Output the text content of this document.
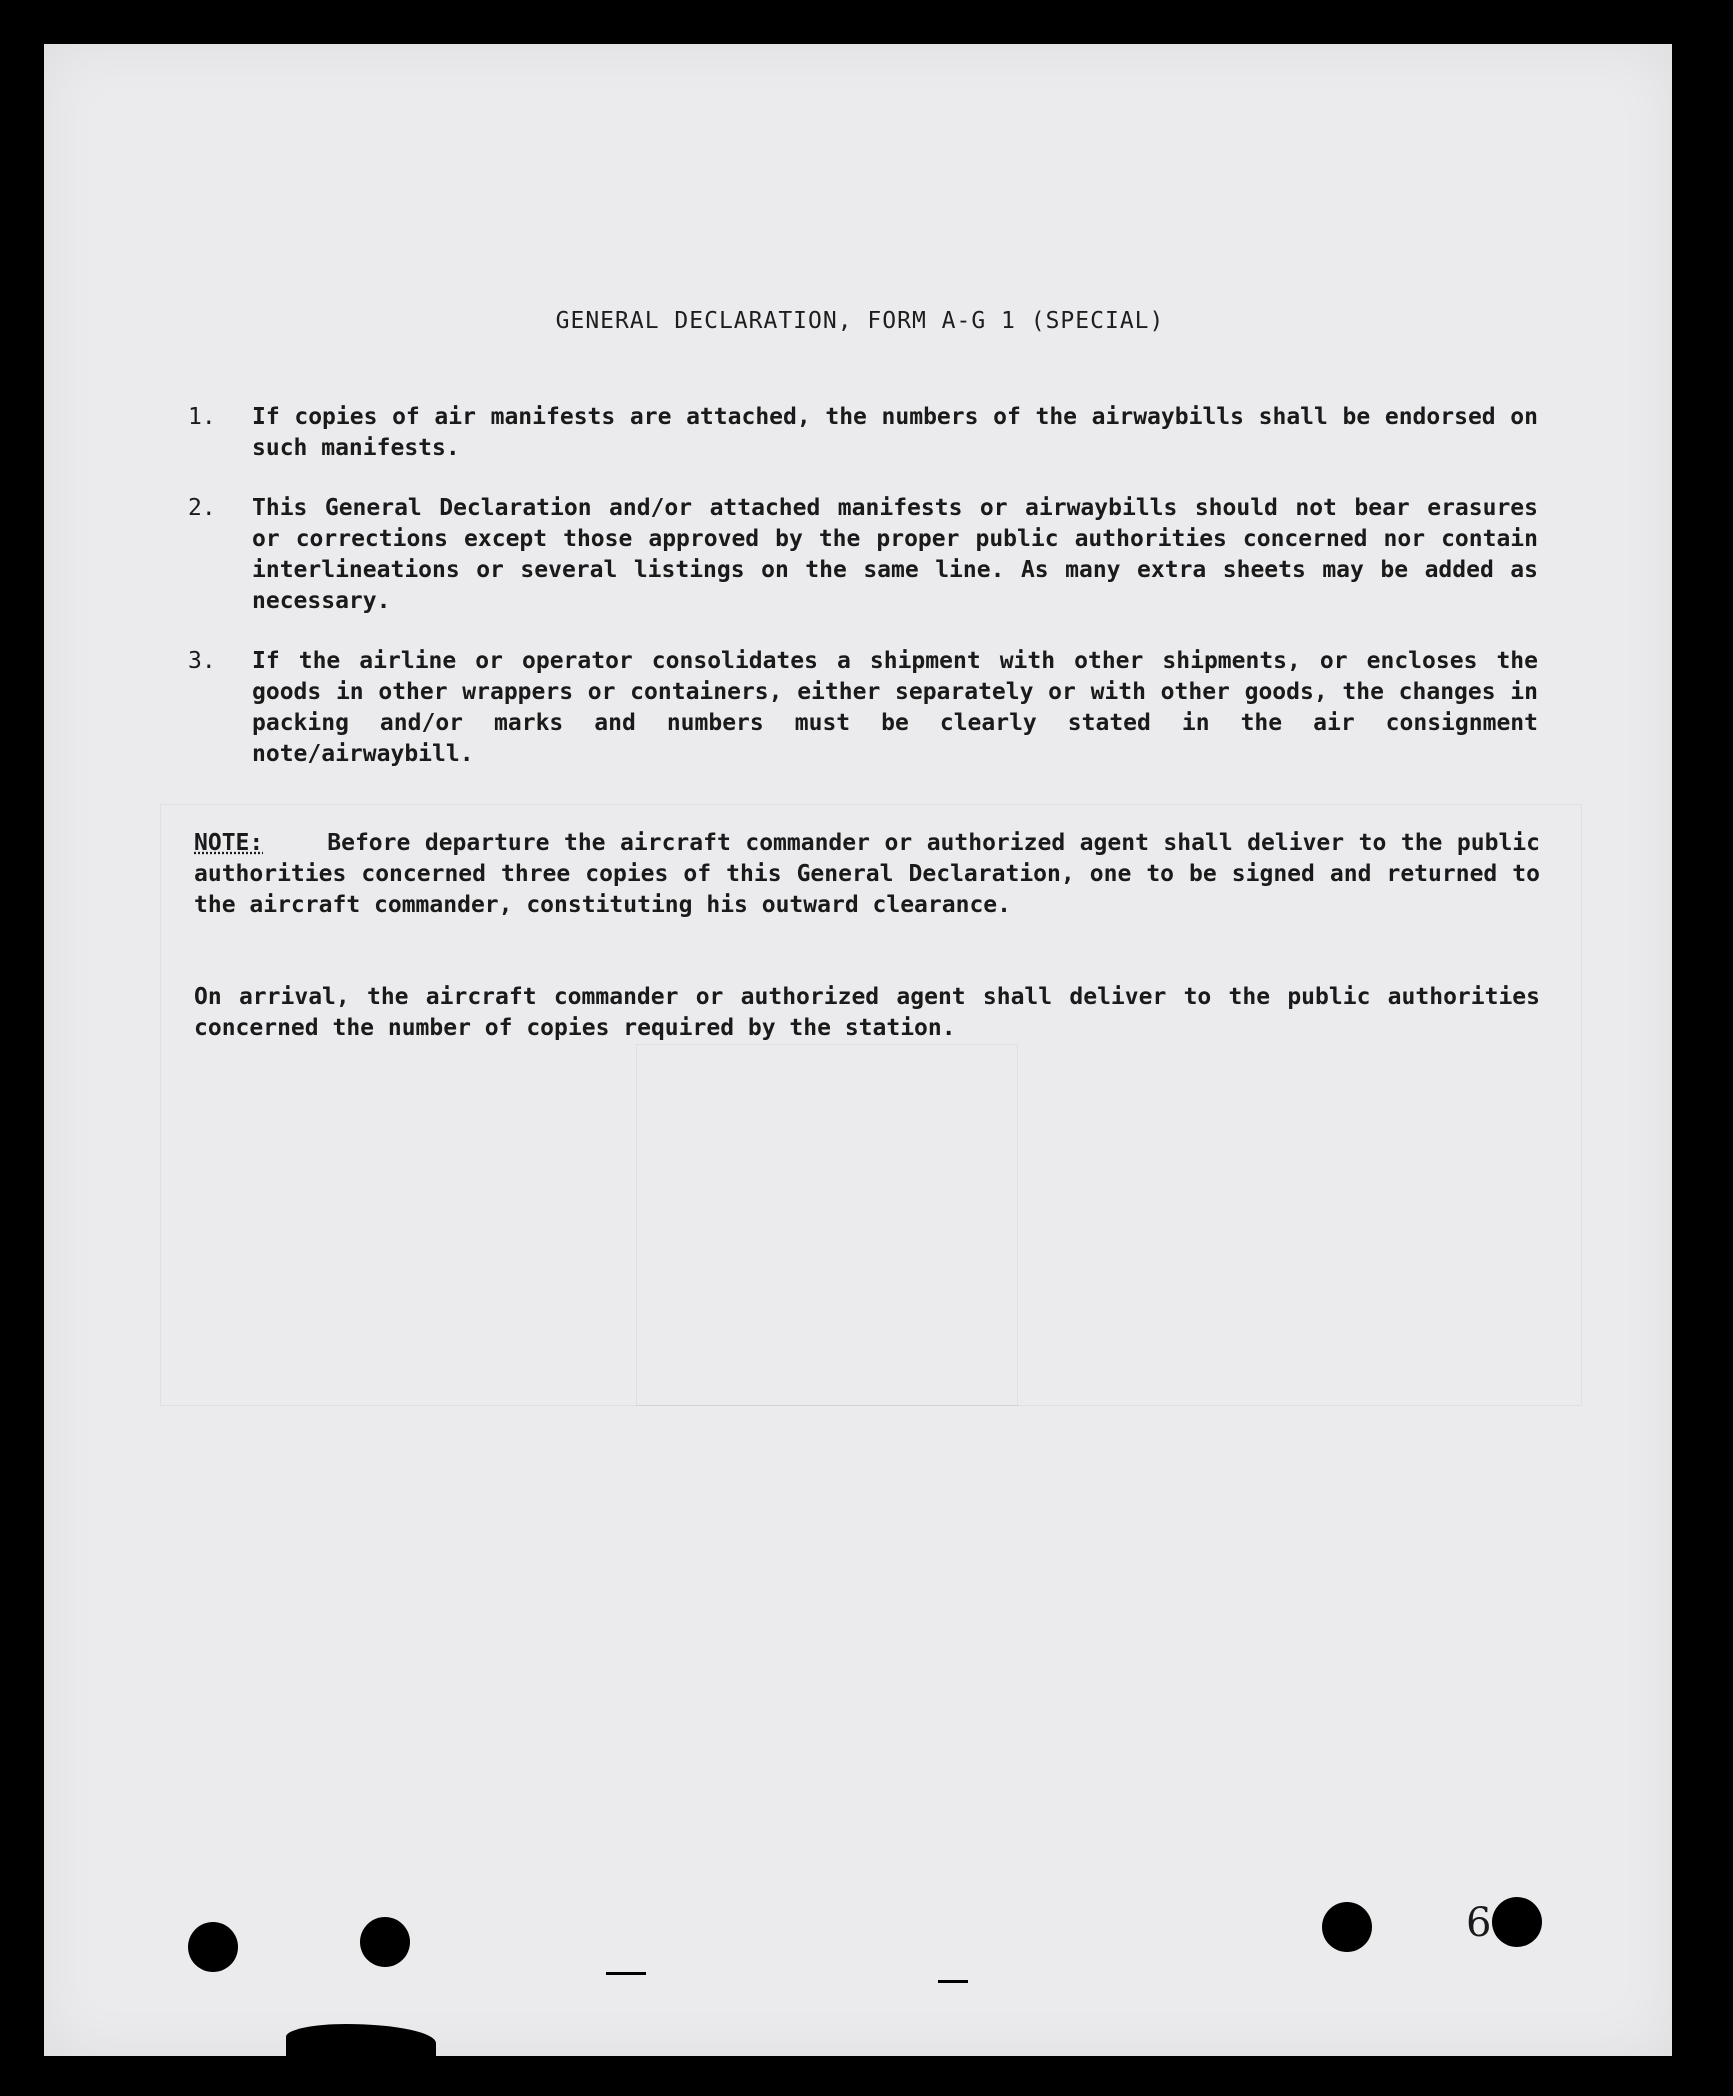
GENERAL DECLARATION, FORM A-G 1 (SPECIAL)
1. If copies of air manifests are attached, the numbers of the airwaybills shall be endorsed on such manifests.
2. This General Declaration and/or attached manifests or airwaybills should not bear erasures or corrections except those approved by the proper public authorities concerned nor contain interlineations or several listings on the same line. As many extra sheets may be added as necessary.
3. If the airline or operator consolidates a shipment with other shipments, or encloses the goods in other wrappers or containers, either separately or with other goods, the changes in packing and/or marks and numbers must be clearly stated in the air consignment note/airwaybill.
NOTE:	Before departure the aircraft commander or authorized agent shall deliver to the public authorities concerned three copies of this General Declaration, one to be signed and returned to the aircraft commander, constituting his outward clearance.
On arrival, the aircraft commander or authorized agent shall deliver to the public authorities concerned the number of copies required by the station.
6
